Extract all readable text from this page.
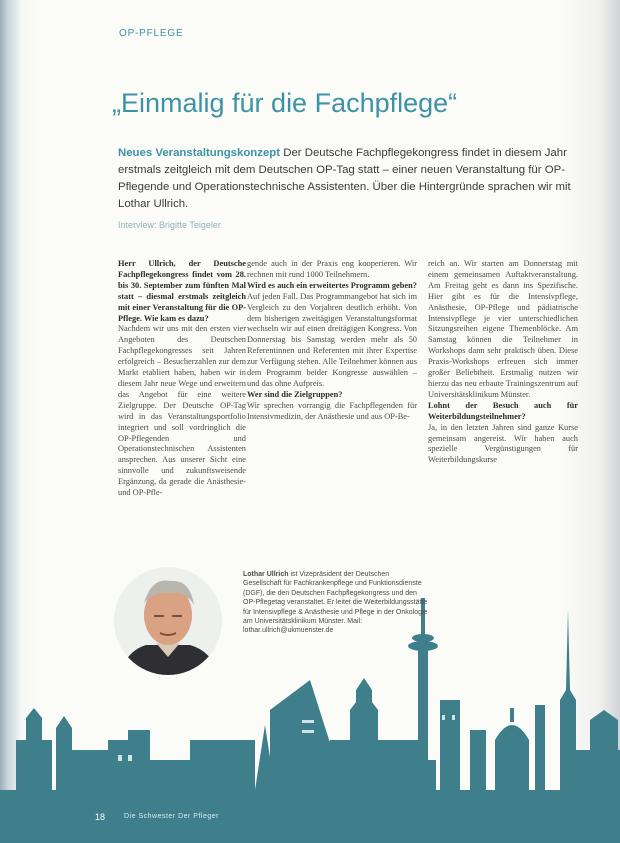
OP-PFLEGE
„Einmalig für die Fachpflege“
Neues Veranstaltungskonzept Der Deutsche Fachpflegekongress findet in diesem Jahr erstmals zeitgleich mit dem Deutschen OP-Tag statt – einer neuen Veranstaltung für OP-Pflegende und Operationstechnische Assistenten. Über die Hintergründe sprachen wir mit Lothar Ullrich.
Interview: Brigitte Teigeler

Herr Ullrich, der Deutsche Fachpflegekongress findet vom 28. bis 30. September zum fünften Mal statt – diesmal erstmals zeitgleich mit einer Veranstaltung für die OP-Pflege. Wie kam es dazu?

Nachdem wir uns mit den ersten vier Angeboten des Deutschen Fachpflegekongresses seit Jahren erfolgreich – Besucherzahlen zur dem Markt etabliert haben, haben wir in diesem Jahr neue Wege und erweitern das Angebot für eine weitere Zielgruppe. Der Deutsche OP-Tag wird in das Veranstaltungsportfolio integriert und soll vordringlich die OP-Pflegenden und Operationstechnischen Assistenten ansprechen. Aus unserer Sicht eine sinnvolle und zukunftsweisende Ergänzung, da gerade die Anästhesie- und OP-Pfle-

gende auch in der Praxis eng kooperieren. Wir rechnen mit rund 1000 Teilnehmern.

Wird es auch ein erweitertes Programm geben?

Auf jeden Fall. Das Programmangebot hat sich im Vergleich zu den Vorjahren deutlich erhöht. Von dem bisherigen zweitägigen Veranstaltungsformat wechseln wir auf einen dreitägigen Kongress. Von Donnerstag bis Samstag werden mehr als 50 Referentinnen und Referenten mit ihrer Expertise zur Verfügung stehen. Alle Teilnehmer können aus dem Programm beider Kongresse auswählen – und das ohne Aufpreis.

Wer sind die Zielgruppen?

Wir sprechen vorrangig die Fachpflegenden für Intensivmedizin, der Anästhesie und aus OP-Be-

reich an. Wir starten am Donnerstag mit einem gemeinsamen Auftaktveranstaltung. Am Freitag geht es dann ins Spezifische. Hier gibt es für die Intensivpflege, Anästhesie, OP-Pflege und pädiatrische Intensivpflege je vier unterschiedlichen Sitzungsreihen eigene Themenblöcke. Am Samstag können die Teilnehmer in Workshops dann sehr praktisch üben. Diese Praxis-Workshops erfreuen sich immer großer Beliebtheit. Erstmalig nutzen wir hierzu das neu erbaute Trainingszentrum auf Universitätsklinikum Münster.

Lohnt der Besuch auch für Weiterbildungsteilnehmer?

Ja, in den letzten Jahren sind ganze Kurse gemeinsam angereist. Wir haben auch spezielle Vergünstigungen für Weiterbildungskurse

Lothar Ullrich ist Vizepräsident der Deutschen Gesellschaft für Fachkrankenpflege und Funktionsdienste (DGF), die den Deutschen Fachpflegekongress und den OP-Pflegetag veranstaltet. Er leitet die Weiterbildungsstätte für Intensivpflege & Anästhesie und Pflege in der Onkologie am Universitätsklinikum Münster. Mail: lothar.ullrich@ukmuenster.de
18	Die Schwester Der Pfleger
